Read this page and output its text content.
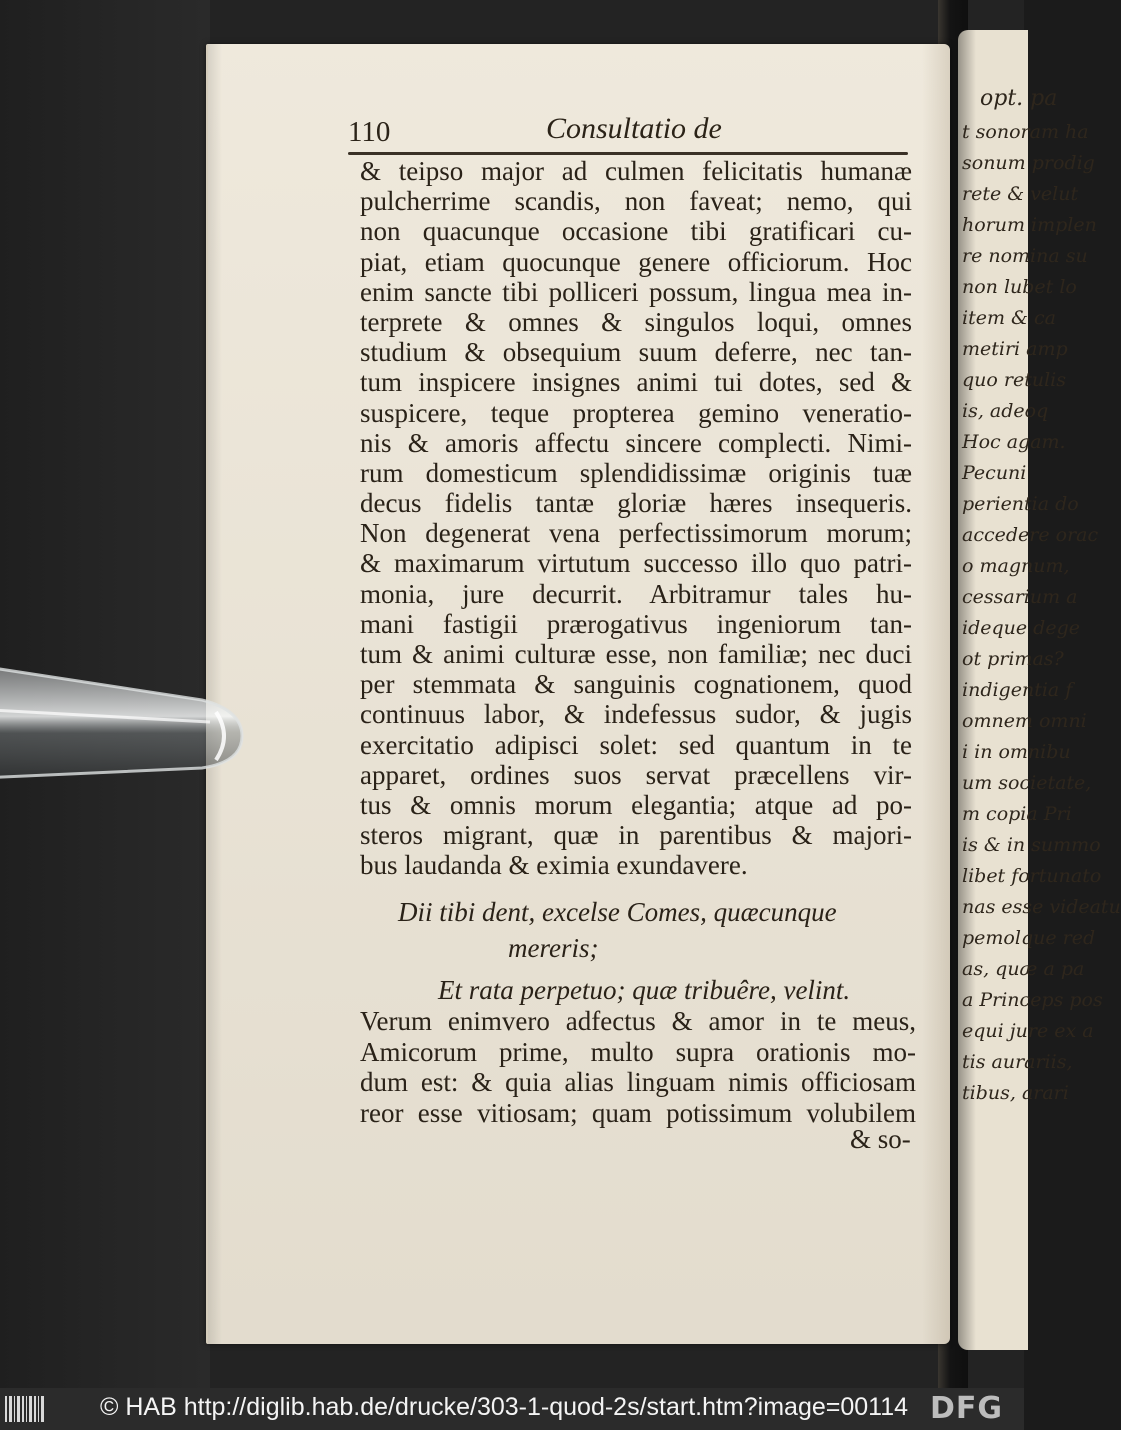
opt. pa
t sonoram ha
sonum prodig
rete & velut
horum implen
re nomina su
non lubet lo
item & ca
metiri amp
quo retulis
is, adeoq
Hoc agam.
Pecuni
perientia do
accedere orac
o magnum,
cessarium a
ideque dege
ot primas?
indigentia f
omnem omni
i in omnibu
um societate,
m copia Pri
is & in summo
libet fortunato
nas esse videatu
pemolque red
as, quæ a pa
a Princeps pos
equi jure ex a
tis aurariis,
tibus, arari
110	Consultatio de
& teipso major ad culmen felicitatis humanæ
pulcherrime scandis, non faveat; nemo, qui
non quacunque occasione tibi gratificari cu-
piat, etiam quocunque genere officiorum. Hoc
enim sancte tibi polliceri possum, lingua mea in-
terprete & omnes & singulos loqui, omnes
studium & obsequium suum deferre, nec tan-
tum inspicere insignes animi tui dotes, sed &
suspicere, teque propterea gemino veneratio-
nis & amoris affectu sincere complecti. Nimi-
rum domesticum splendidissimæ originis tuæ
decus fidelis tantæ gloriæ hæres insequeris.
Non degenerat vena perfectissimorum morum;
& maximarum virtutum successo illo quo patri-
monia, jure decurrit. Arbitramur tales hu-
mani fastigii prærogativus ingeniorum tan-
tum & animi culturæ esse, non familiæ; nec duci
per stemmata & sanguinis cognationem, quod
continuus labor, & indefessus sudor, & jugis
exercitatio adipisci solet: sed quantum in te
apparet, ordines suos servat præcellens vir-
tus & omnis morum elegantia; atque ad po-
steros migrant, quæ in parentibus & majori-
bus laudanda & eximia exundavere.
Dii tibi dent, excelse Comes, quæcunque
mereris;
Et rata perpetuo; quæ tribuêre, velint.
Verum enimvero adfectus & amor in te meus,
Amicorum prime, multo supra orationis mo-
dum est: & quia alias linguam nimis officiosam
reor esse vitiosam; quam potissimum volubilem
& so-
© HAB http://diglib.hab.de/drucke/303-1-quod-2s/start.htm?image=00114 DFG
